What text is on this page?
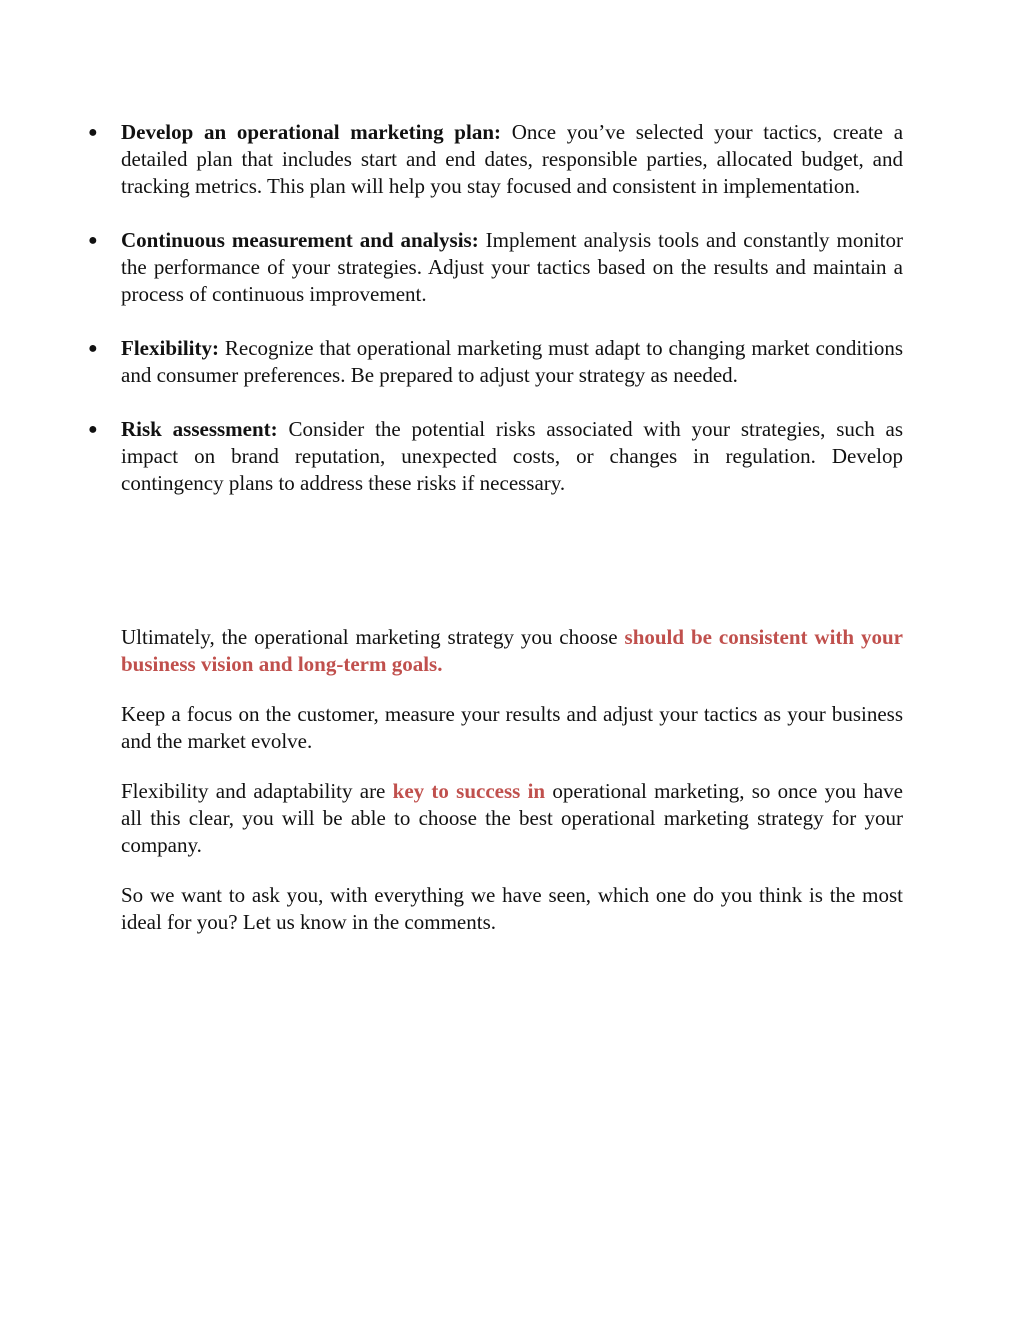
● Develop an operational marketing plan: Once you’ve selected your tactics, create a detailed plan that includes start and end dates, responsible parties, allocated budget, and tracking metrics. This plan will help you stay focused and consistent in implementation.
● Continuous measurement and analysis: Implement analysis tools and constantly monitor the performance of your strategies. Adjust your tactics based on the results and maintain a process of continuous improvement.
● Flexibility: Recognize that operational marketing must adapt to changing market conditions and consumer preferences. Be prepared to adjust your strategy as needed.
● Risk assessment: Consider the potential risks associated with your strategies, such as impact on brand reputation, unexpected costs, or changes in regulation. Develop contingency plans to address these risks if necessary.

Ultimately, the operational marketing strategy you choose should be consistent with your business vision and long-term goals.

Keep a focus on the customer, measure your results and adjust your tactics as your business and the market evolve.

Flexibility and adaptability are key to success in operational marketing, so once you have all this clear, you will be able to choose the best operational marketing strategy for your company.

So we want to ask you, with everything we have seen, which one do you think is the most ideal for you? Let us know in the comments.
